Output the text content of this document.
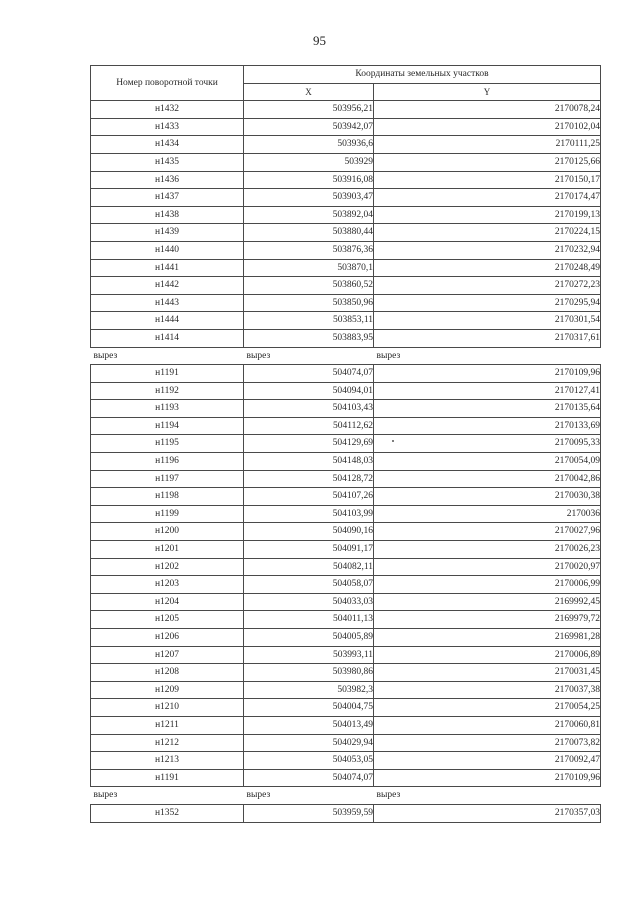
95
Номер поворотной точки	Координаты земельных участков	
	X	Y
н1432	503956,21	2170078,24
н1433	503942,07	2170102,04
н1434	503936,6	2170111,25
н1435	503929	2170125,66
н1436	503916,08	2170150,17
н1437	503903,47	2170174,47
н1438	503892,04	2170199,13
н1439	503880,44	2170224,15
н1440	503876,36	2170232,94
н1441	503870,1	2170248,49
н1442	503860,52	2170272,23
н1443	503850,96	2170295,94
н1444	503853,11	2170301,54
н1414	503883,95	2170317,61
вырез	вырез	вырез
н1191	504074,07	2170109,96
н1192	504094,01	2170127,41
н1193	504103,43	2170135,64
н1194	504112,62	2170133,69
н1195	504129,69	2170095,33
н1196	504148,03	2170054,09
н1197	504128,72	2170042,86
н1198	504107,26	2170030,38
н1199	504103,99	2170036
н1200	504090,16	2170027,96
н1201	504091,17	2170026,23
н1202	504082,11	2170020,97
н1203	504058,07	2170006,99
н1204	504033,03	2169992,45
н1205	504011,13	2169979,72
н1206	504005,89	2169981,28
н1207	503993,11	2170006,89
н1208	503980,86	2170031,45
н1209	503982,3	2170037,38
н1210	504004,75	2170054,25
н1211	504013,49	2170060,81
н1212	504029,94	2170073,82
н1213	504053,05	2170092,47
н1191	504074,07	2170109,96
вырез	вырез	вырез
н1352	503959,59	2170357,03
